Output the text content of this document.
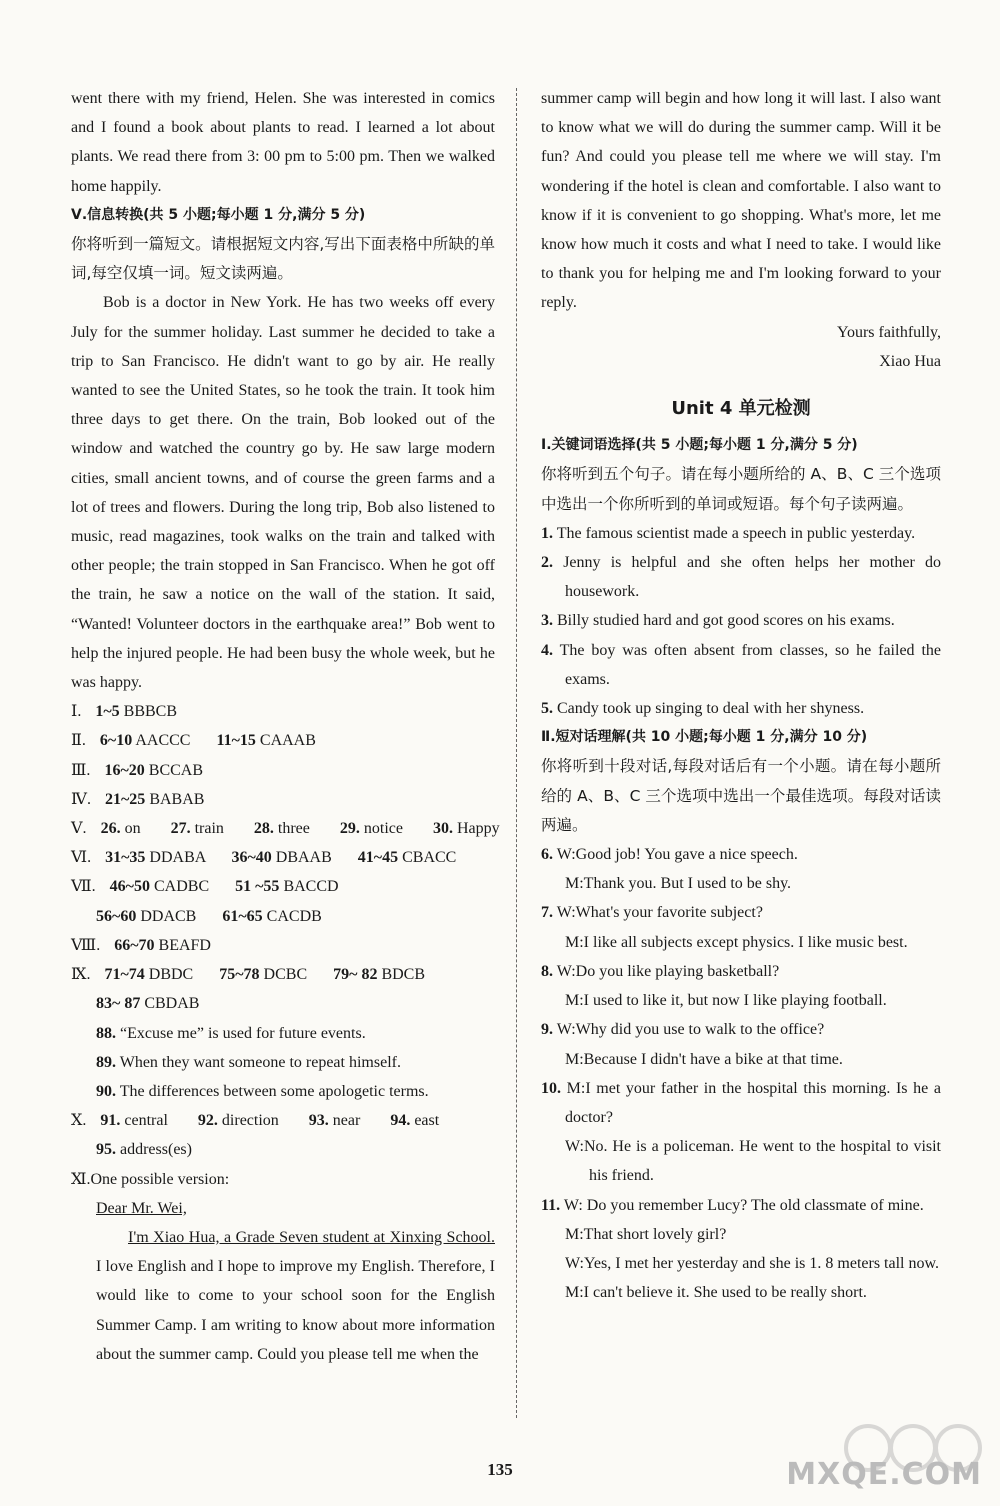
went there with my friend, Helen. She was interested in comics and I found a book about plants to read. I learned a lot about plants. We read there from 3: 00 pm to 5:00 pm. Then we walked home happily.

Ⅴ.信息转换(共 5 小题;每小题 1 分,满分 5 分)

你将听到一篇短文。请根据短文内容,写出下面表格中所缺的单词,每空仅填一词。短文读两遍。

Bob is a doctor in New York. He has two weeks off every July for the summer holiday. Last summer he decided to take a trip to San Francisco. He didn't want to go by air. He really wanted to see the United States, so he took the train. It took him three days to get there. On the train, Bob looked out of the window and watched the country go by. He saw large modern cities, small ancient towns, and of course the green farms and a lot of trees and flowers. During the long trip, Bob also listened to music, read magazines, took walks on the train and talked with other people; the train stopped in San Francisco. When he got off the train, he saw a notice on the wall of the station. It said, “Wanted! Volunteer doctors in the earthquake area!” Bob went to help the injured people. He had been busy the whole week, but he was happy.

Ⅰ. 1~5 BBBCB

Ⅱ. 6~10 AACCC 11~15 CAAAB

Ⅲ. 16~20 BCCAB

Ⅳ. 21~25 BABAB

Ⅴ. 26. on 27. train 28. three 29. notice 30. Happy

Ⅵ. 31~35 DDABA 36~40 DBAAB 41~45 CBACC

Ⅶ. 46~50 CADBC 51 ~55 BACCD

56~60 DDACB 61~65 CACDB

Ⅷ. 66~70 BEAFD

Ⅸ. 71~74 DBDC 75~78 DCBC 79~ 82 BDCB

83~ 87 CBDAB

88. “Excuse me” is used for future events.

89. When they want someone to repeat himself.

90. The differences between some apologetic terms.

Ⅹ. 91. central 92. direction 93. near 94. east

95. address(es)

Ⅺ.One possible version:

Dear Mr. Wei,

I'm Xiao Hua, a Grade Seven student at Xinxing School. I love English and I hope to improve my English. Therefore, I would like to come to your school soon for the English Summer Camp. I am writing to know about more information about the summer camp. Could you please tell me when the

summer camp will begin and how long it will last. I also want to know what we will do during the summer camp. Will it be fun? And could you please tell me where we will stay. I'm wondering if the hotel is clean and comfortable. I also want to know if it is convenient to go shopping. What's more, let me know how much it costs and what I need to take. I would like to thank you for helping me and I'm looking forward to your reply.

Yours faithfully,

Xiao Hua

Unit 4 单元检测

Ⅰ.关键词语选择(共 5 小题;每小题 1 分,满分 5 分)

你将听到五个句子。请在每小题所给的 A、B、C 三个选项中选出一个你所听到的单词或短语。每个句子读两遍。

1. The famous scientist made a speech in public yesterday.

2. Jenny is helpful and she often helps her mother do housework.

3. Billy studied hard and got good scores on his exams.

4. The boy was often absent from classes, so he failed the exams.

5. Candy took up singing to deal with her shyness.

Ⅱ.短对话理解(共 10 小题;每小题 1 分,满分 10 分)

你将听到十段对话,每段对话后有一个小题。请在每小题所给的 A、B、C 三个选项中选出一个最佳选项。每段对话读两遍。

6. W:Good job! You gave a nice speech.

M:Thank you. But I used to be shy.

7. W:What's your favorite subject?

M:I like all subjects except physics. I like music best.

8. W:Do you like playing basketball?

M:I used to like it, but now I like playing football.

9. W:Why did you use to walk to the office?

M:Because I didn't have a bike at that time.

10. M:I met your father in the hospital this morning. Is he a doctor?

W:No. He is a policeman. He went to the hospital to visit his friend.

11. W: Do you remember Lucy? The old classmate of mine.

M:That short lovely girl?

W:Yes, I met her yesterday and she is 1. 8 meters tall now.

M:I can't believe it. She used to be really short.

135	MXQE.COM
